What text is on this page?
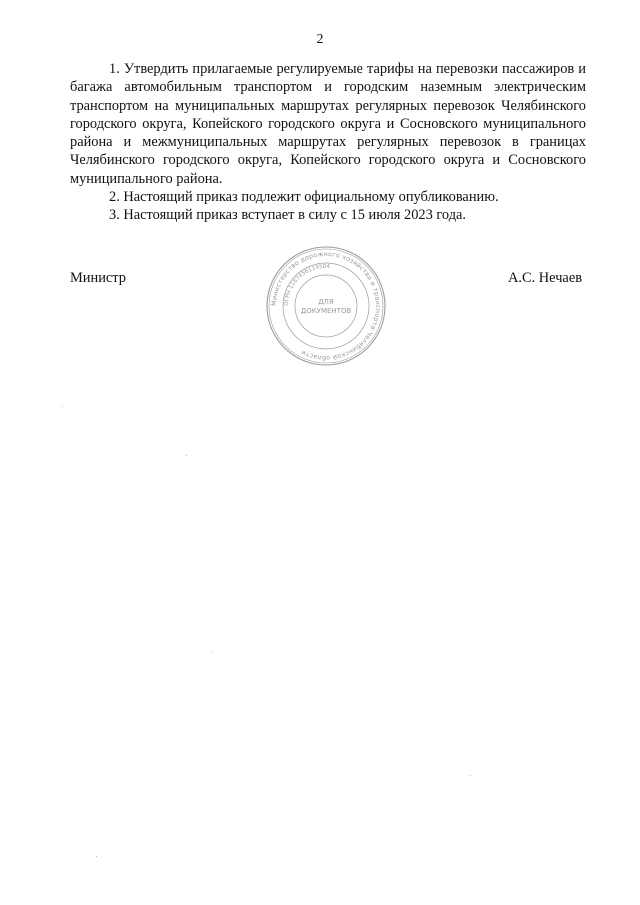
2

1. Утвердить прилагаемые регулируемые тарифы на перевозки пассажиров и багажа автомобильным транспортом и городским наземным электрическим транспортом на муниципальных маршрутах регулярных перевозок Челябинского городского округа, Копейского городского округа и Сосновского муниципального района и межмуниципальных маршрутах регулярных перевозок в границах Челябинского городского округа, Копейского городского округа и Сосновского муниципального района.

2. Настоящий приказ подлежит официальному опубликованию.

3. Настоящий приказ вступает в силу с 15 июля 2023 года.

Министр	А.С. Нечаев
Министерство дорожного хозяйства и транспорта Челябинской области
ОГРН 1167456119504
ДЛЯ
ДОКУМЕНТОВ
